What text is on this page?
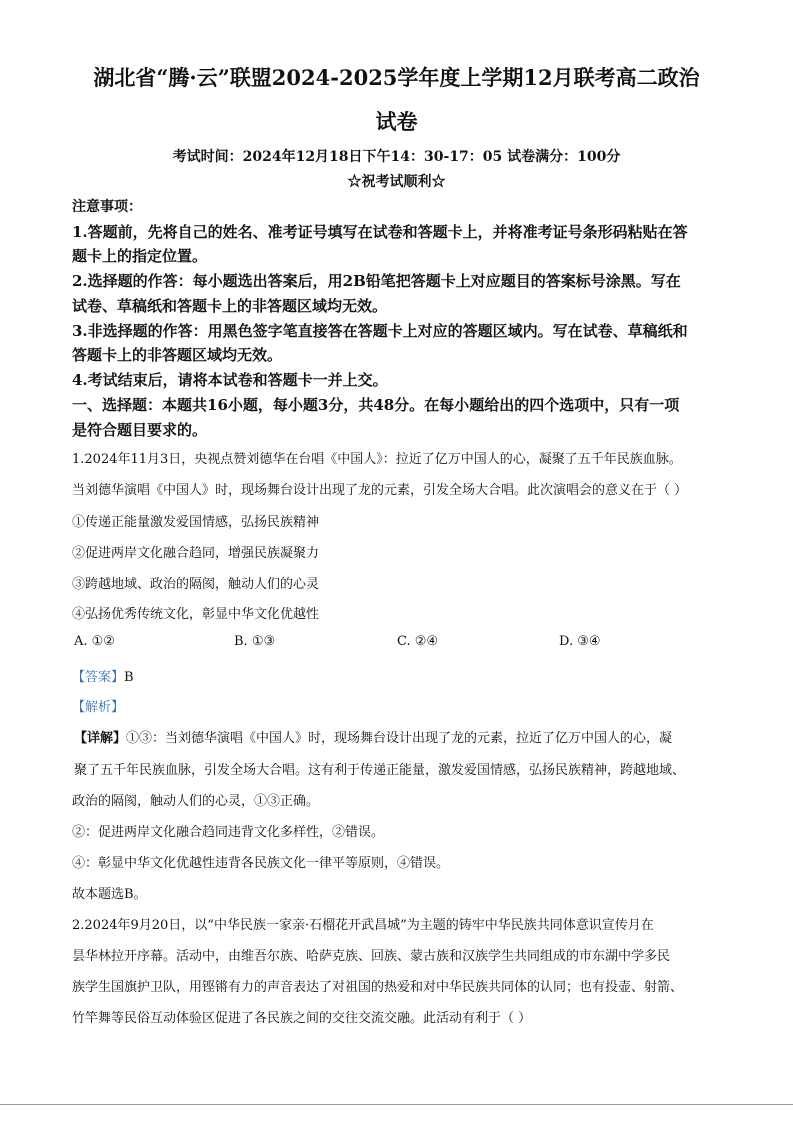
湖北省“腾·云”联盟2024-2025学年度上学期12月联考高二政治
试卷
考试时间：2024年12月18日下午14：30-17：05 试卷满分：100分
☆祝考试顺利☆
注意事项：
1.答题前，先将自己的姓名、准考证号填写在试卷和答题卡上，并将准考证号条形码粘贴在答
题卡上的指定位置。
2.选择题的作答：每小题选出答案后，用2B铅笔把答题卡上对应题目的答案标号涂黑。写在
试卷、草稿纸和答题卡上的非答题区域均无效。
3.非选择题的作答：用黑色签字笔直接答在答题卡上对应的答题区域内。写在试卷、草稿纸和
答题卡上的非答题区域均无效。
4.考试结束后，请将本试卷和答题卡一并上交。
一、选择题：本题共16小题，每小题3分，共48分。在每小题给出的四个选项中，只有一项
是符合题目要求的。
1.2024年11月3日，央视点赞刘德华在台唱《中国人》：拉近了亿万中国人的心，凝聚了五千年民族血脉。
当刘德华演唱《中国人》时，现场舞台设计出现了龙的元素，引发全场大合唱。此次演唱会的意义在于（ ）
①传递正能量激发爱国情感，弘扬民族精神
②促进两岸文化融合趋同，增强民族凝聚力
③跨越地域、政治的隔阂，触动人们的心灵
④弘扬优秀传统文化，彰显中华文化优越性
A. ①②	B. ①③	C. ②④	D. ③④
【答案】B
【解析】
【详解】①③：当刘德华演唱《中国人》时，现场舞台设计出现了龙的元素，拉近了亿万中国人的心，凝
聚了五千年民族血脉，引发全场大合唱。这有利于传递正能量，激发爱国情感，弘扬民族精神，跨越地域、
政治的隔阂，触动人们的心灵，①③正确。
②：促进两岸文化融合趋同违背文化多样性，②错误。
④：彰显中华文化优越性违背各民族文化一律平等原则，④错误。
故本题选B。
2.2024年9月20日，以“中华民族一家亲·石榴花开武昌城”为主题的铸牢中华民族共同体意识宣传月在
昙华林拉开序幕。活动中，由维吾尔族、哈萨克族、回族、蒙古族和汉族学生共同组成的市东湖中学多民
族学生国旗护卫队，用铿锵有力的声音表达了对祖国的热爱和对中华民族共同体的认同；也有投壶、射箭、
竹竿舞等民俗互动体验区促进了各民族之间的交往交流交融。此活动有利于（ ）
